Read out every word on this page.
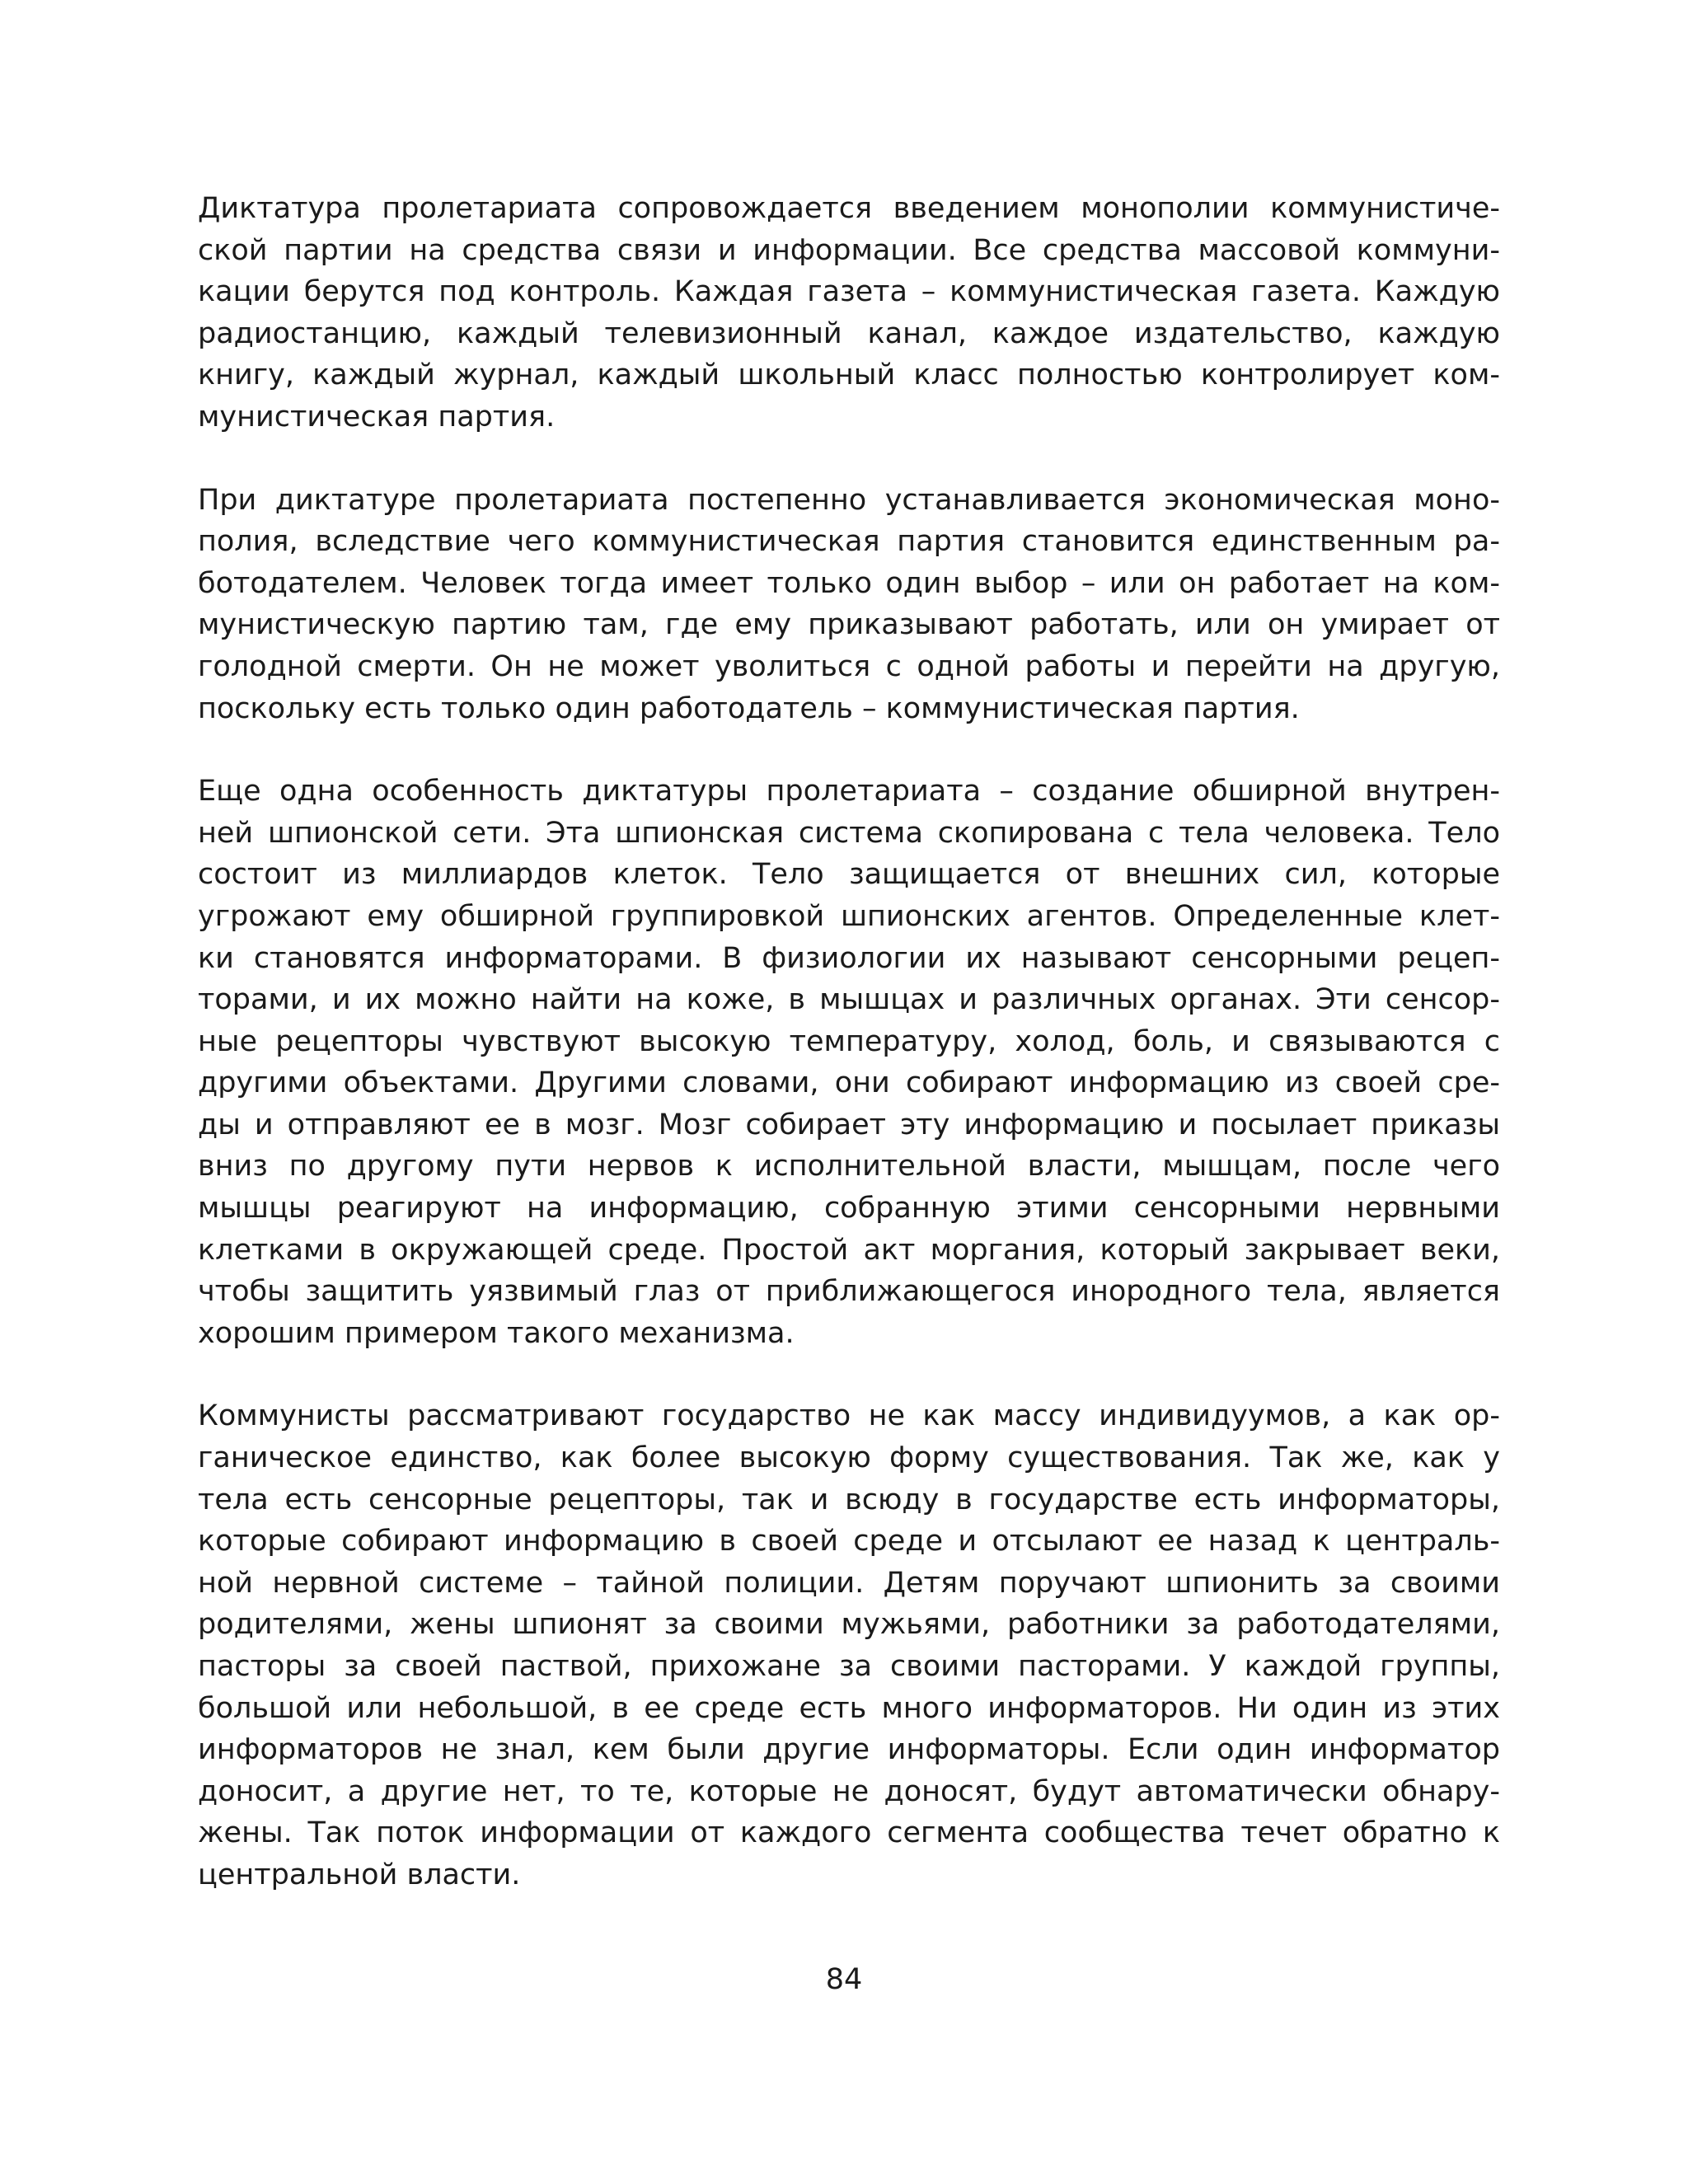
Диктатура пролетариата сопровождается введением монополии коммунистиче-
ской партии на средства связи и информации. Все средства массовой коммуни-
кации берутся под контроль. Каждая газета – коммунистическая газета. Каждую
радиостанцию, каждый телевизионный канал, каждое издательство, каждую
книгу, каждый журнал, каждый школьный класс полностью контролирует ком-
мунистическая партия.

При диктатуре пролетариата постепенно устанавливается экономическая моно-
полия, вследствие чего коммунистическая партия становится единственным ра-
ботодателем. Человек тогда имеет только один выбор – или он работает на ком-
мунистическую партию там, где ему приказывают работать, или он умирает от
голодной смерти. Он не может уволиться с одной работы и перейти на другую,
поскольку есть только один работодатель – коммунистическая партия.

Еще одна особенность диктатуры пролетариата – создание обширной внутрен-
ней шпионской сети. Эта шпионская система скопирована с тела человека. Тело
состоит из миллиардов клеток. Тело защищается от внешних сил, которые
угрожают ему обширной группировкой шпионских агентов. Определенные клет-
ки становятся информаторами. В физиологии их называют сенсорными рецеп-
торами, и их можно найти на коже, в мышцах и различных органах. Эти сенсор-
ные рецепторы чувствуют высокую температуру, холод, боль, и связываются с
другими объектами. Другими словами, они собирают информацию из своей сре-
ды и отправляют ее в мозг. Мозг собирает эту информацию и посылает приказы
вниз по другому пути нервов к исполнительной власти, мышцам, после чего
мышцы реагируют на информацию, собранную этими сенсорными нервными
клетками в окружающей среде. Простой акт моргания, который закрывает веки,
чтобы защитить уязвимый глаз от приближающегося инородного тела, является
хорошим примером такого механизма.

Коммунисты рассматривают государство не как массу индивидуумов, а как ор-
ганическое единство, как более высокую форму существования. Так же, как у
тела есть сенсорные рецепторы, так и всюду в государстве есть информаторы,
которые собирают информацию в своей среде и отсылают ее назад к централь-
ной нервной системе – тайной полиции. Детям поручают шпионить за своими
родителями, жены шпионят за своими мужьями, работники за работодателями,
пасторы за своей паствой, прихожане за своими пасторами. У каждой группы,
большой или небольшой, в ее среде есть много информаторов. Ни один из этих
информаторов не знал, кем были другие информаторы. Если один информатор
доносит, а другие нет, то те, которые не доносят, будут автоматически обнару-
жены. Так поток информации от каждого сегмента сообщества течет обратно к
центральной власти.

84
